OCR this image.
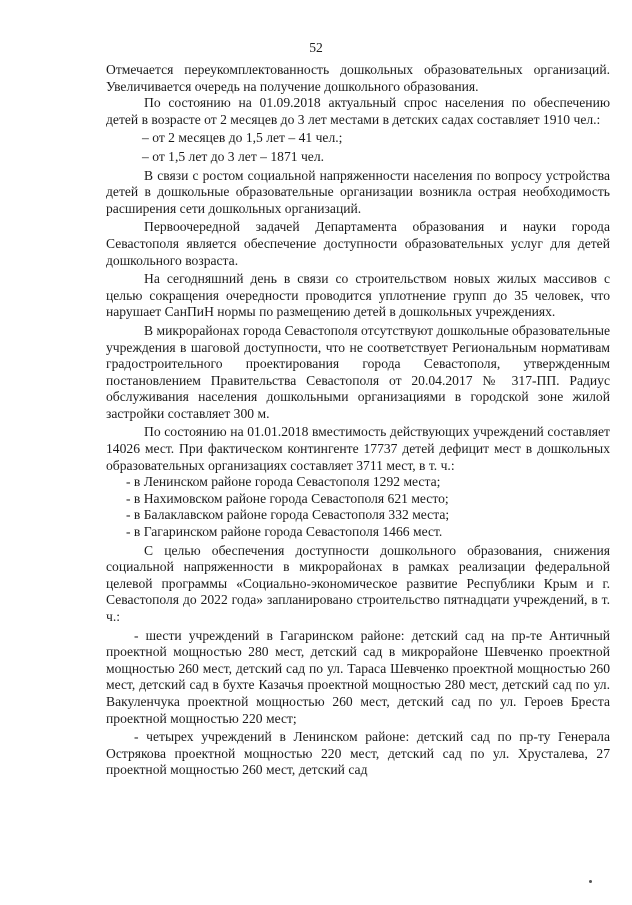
52

Отмечается переукомплектованность дошкольных образовательных организаций. Увеличивается очередь на получение дошкольного образования.

По состоянию на 01.09.2018 актуальный спрос населения по обеспечению детей в возрасте от 2 месяцев до 3 лет местами в детских садах составляет 1910 чел.:

– от 2 месяцев до 1,5 лет – 41 чел.;

– от 1,5 лет до 3 лет – 1871 чел.

В связи с ростом социальной напряженности населения по вопросу устройства детей в дошкольные образовательные организации возникла острая необходимость расширения сети дошкольных организаций.

Первоочередной задачей Департамента образования и науки города Севастополя является обеспечение доступности образовательных услуг для детей дошкольного возраста.

На сегодняшний день в связи со строительством новых жилых массивов с целью сокращения очередности проводится уплотнение групп до 35 человек, что нарушает СанПиН нормы по размещению детей в дошкольных учреждениях.

В микрорайонах города Севастополя отсутствуют дошкольные образовательные учреждения в шаговой доступности, что не соответствует Региональным нормативам градостроительного проектирования города Севастополя, утвержденным постановлением Правительства Севастополя от 20.04.2017 № 317-ПП. Радиус обслуживания населения дошкольными организациями в городской зоне жилой застройки составляет 300 м.

По состоянию на 01.01.2018 вместимость действующих учреждений составляет 14026 мест. При фактическом контингенте 17737 детей дефицит мест в дошкольных образовательных организациях составляет 3711 мест, в т. ч.:

- в Ленинском районе города Севастополя 1292 места;

- в Нахимовском районе города Севастополя 621 место;

- в Балаклавском районе города Севастополя 332 места;

- в Гагаринском районе города Севастополя 1466 мест.

С целью обеспечения доступности дошкольного образования, снижения социальной напряженности в микрорайонах в рамках реализации федеральной целевой программы «Социально-экономическое развитие Республики Крым и г. Севастополя до 2022 года» запланировано строительство пятнадцати учреждений, в т. ч.:

- шести учреждений в Гагаринском районе: детский сад на пр-те Античный проектной мощностью 280 мест, детский сад в микрорайоне Шевченко проектной мощностью 260 мест, детский сад по ул. Тараса Шевченко проектной мощностью 260 мест, детский сад в бухте Казачья проектной мощностью 280 мест, детский сад по ул. Вакуленчука проектной мощностью 260 мест, детский сад по ул. Героев Бреста проектной мощностью 220 мест;

- четырех учреждений в Ленинском районе: детский сад по пр-ту Генерала Острякова проектной мощностью 220 мест, детский сад по ул. Хрусталева, 27 проектной мощностью 260 мест, детский сад
